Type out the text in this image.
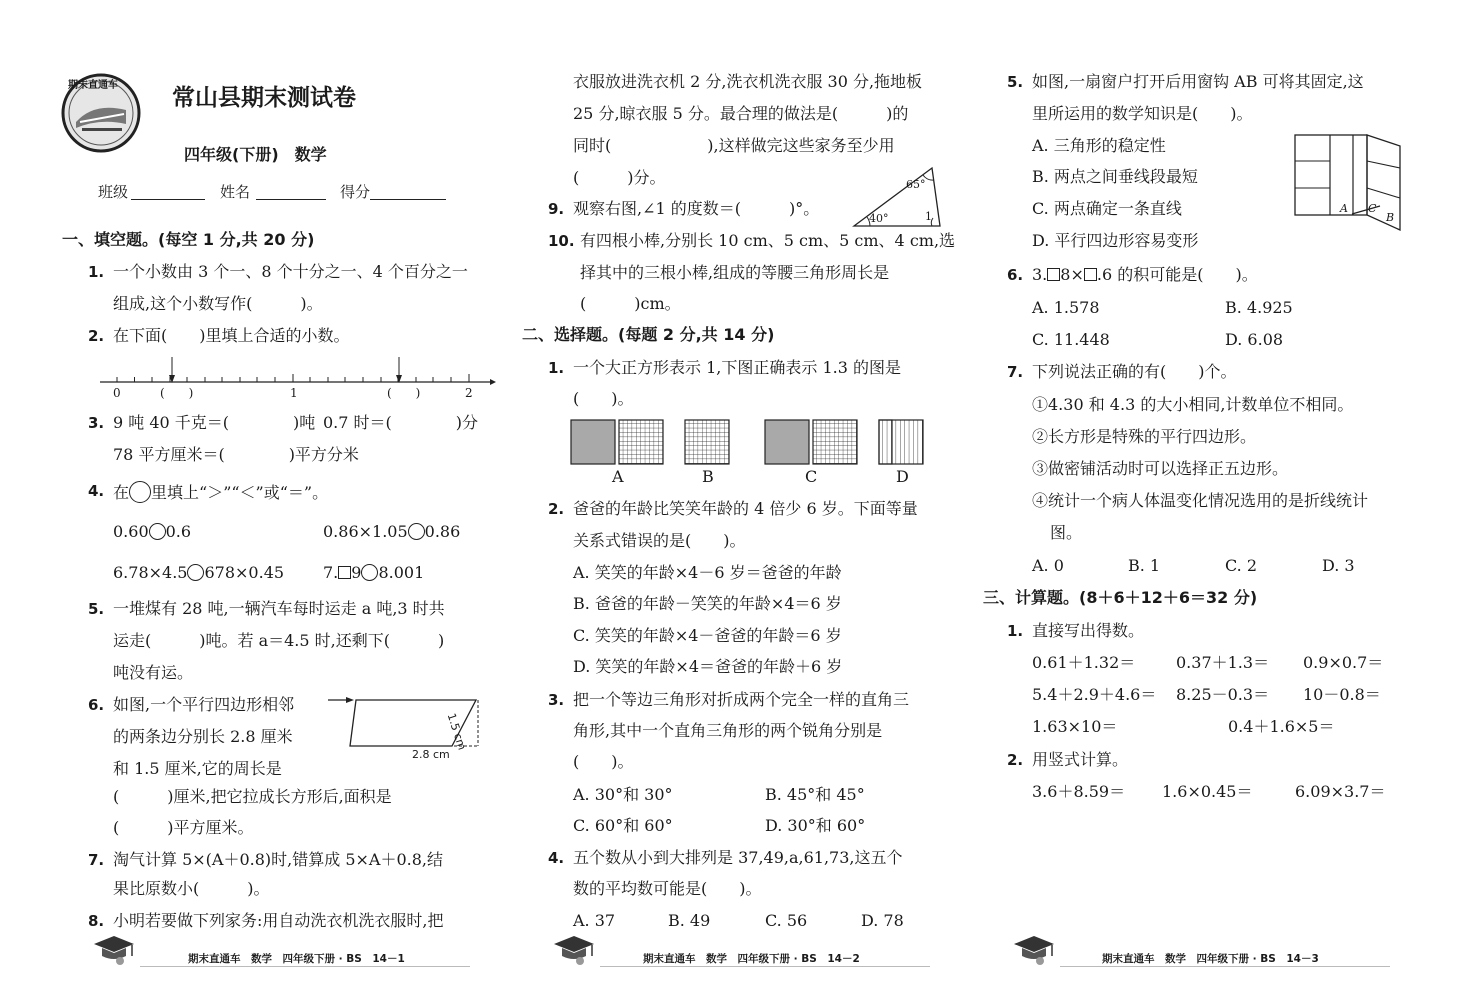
期末直通车 常山县期末测试卷
四年级(下册)　数学
班级	姓名	得分
一、填空题。(每空 1 分,共 20 分)
1. 一个小数由 3 个一、8 个十分之一、4 个百分之一
组成,这个小数写作(　　　)。
2. 在下面(　　)里填上合适的小数。
0	(　　)	1	(　　)	2
3. 9 吨 40 千克＝(　　　　)吨 0.7 时＝(　　　　)分
78 平方厘米＝(　　　　)平方分米
4. 在 里填上“＞”“＜”或“＝”。
0.60 0.6	0.86×1.05 0.86
6.78×4.5 678×0.45 7. 9 8.001
5. 一堆煤有 28 吨,一辆汽车每时运走 a 吨,3 时共
运走(　　　)吨。若 a＝4.5 时,还剩下(　　　)
吨没有运。
6. 如图,一个平行四边形相邻
的两条边分别长 2.8 厘米
和 1.5 厘米,它的周长是
(　　　)厘米,把它拉成长方形后,面积是
(　　　)平方厘米。
1.5 cm
2.8 cm
7. 淘气计算 5×(A＋0.8)时,错算成 5×A＋0.8,结
果比原数小(　　　)。
8. 小明若要做下列家务:用自动洗衣机洗衣服时,把
衣服放进洗衣机 2 分,洗衣机洗衣服 30 分,拖地板
25 分,晾衣服 5 分。最合理的做法是(　　　)的
同时(　　　　　　),这样做完这些家务至少用
(　　　)分。
9. 观察右图,∠1 的度数＝(　　　)°。
65°
40°	1
10. 有四根小棒,分别长 10 cm、5 cm、5 cm、4 cm,选
择其中的三根小棒,组成的等腰三角形周长是
(　　　)cm。
二、选择题。(每题 2 分,共 14 分)
1. 一个大正方形表示 1,下图正确表示 1.3 的图是
(　　)。
A	B	C	D
2. 爸爸的年龄比笑笑年龄的 4 倍少 6 岁。下面等量
关系式错误的是(　　)。
A. 笑笑的年龄×4－6 岁＝爸爸的年龄
B. 爸爸的年龄－笑笑的年龄×4＝6 岁
C. 笑笑的年龄×4－爸爸的年龄＝6 岁
D. 笑笑的年龄×4＝爸爸的年龄＋6 岁
3. 把一个等边三角形对折成两个完全一样的直角三
角形,其中一个直角三角形的两个锐角分别是
(　　)。
A. 30°和 30°	B. 45°和 45°
C. 60°和 60°	D. 30°和 60°
4. 五个数从小到大排列是 37,49,a,61,73,这五个
数的平均数可能是(　　)。
A. 37	B. 49	C. 56	D. 78
5. 如图,一扇窗户打开后用窗钩 AB 可将其固定,这
里所运用的数学知识是(　　)。
A. 三角形的稳定性
B. 两点之间垂线段最短
C. 两点确定一条直线
D. 平行四边形容易变形
A C
B
6. 3. 8× .6 的积可能是(　　)。
A. 1.578	B. 4.925
C. 11.448	D. 6.08
7. 下列说法正确的有(　　)个。
①4.30 和 4.3 的大小相同,计数单位不相同。
②长方形是特殊的平行四边形。
③做密铺活动时可以选择正五边形。
④统计一个病人体温变化情况选用的是折线统计
图。
A. 0	B. 1	C. 2	D. 3
三、计算题。(8＋6＋12＋6＝32 分)
1. 直接写出得数。
0.61＋1.32＝	0.37＋1.3＝ 0.9×0.7＝
5.4＋2.9＋4.6＝ 8.25－0.3＝ 10－0.8＝
1.63×10＝	0.4＋1.6×5＝
2. 用竖式计算。
3.6＋8.59＝ 1.6×0.45＝	6.09×3.7＝
期末直通车　数学　四年级下册 · BS　14－1	期末直通车　数学　四年级下册 · BS　14－2	期末直通车　数学　四年级下册 · BS　14－3
